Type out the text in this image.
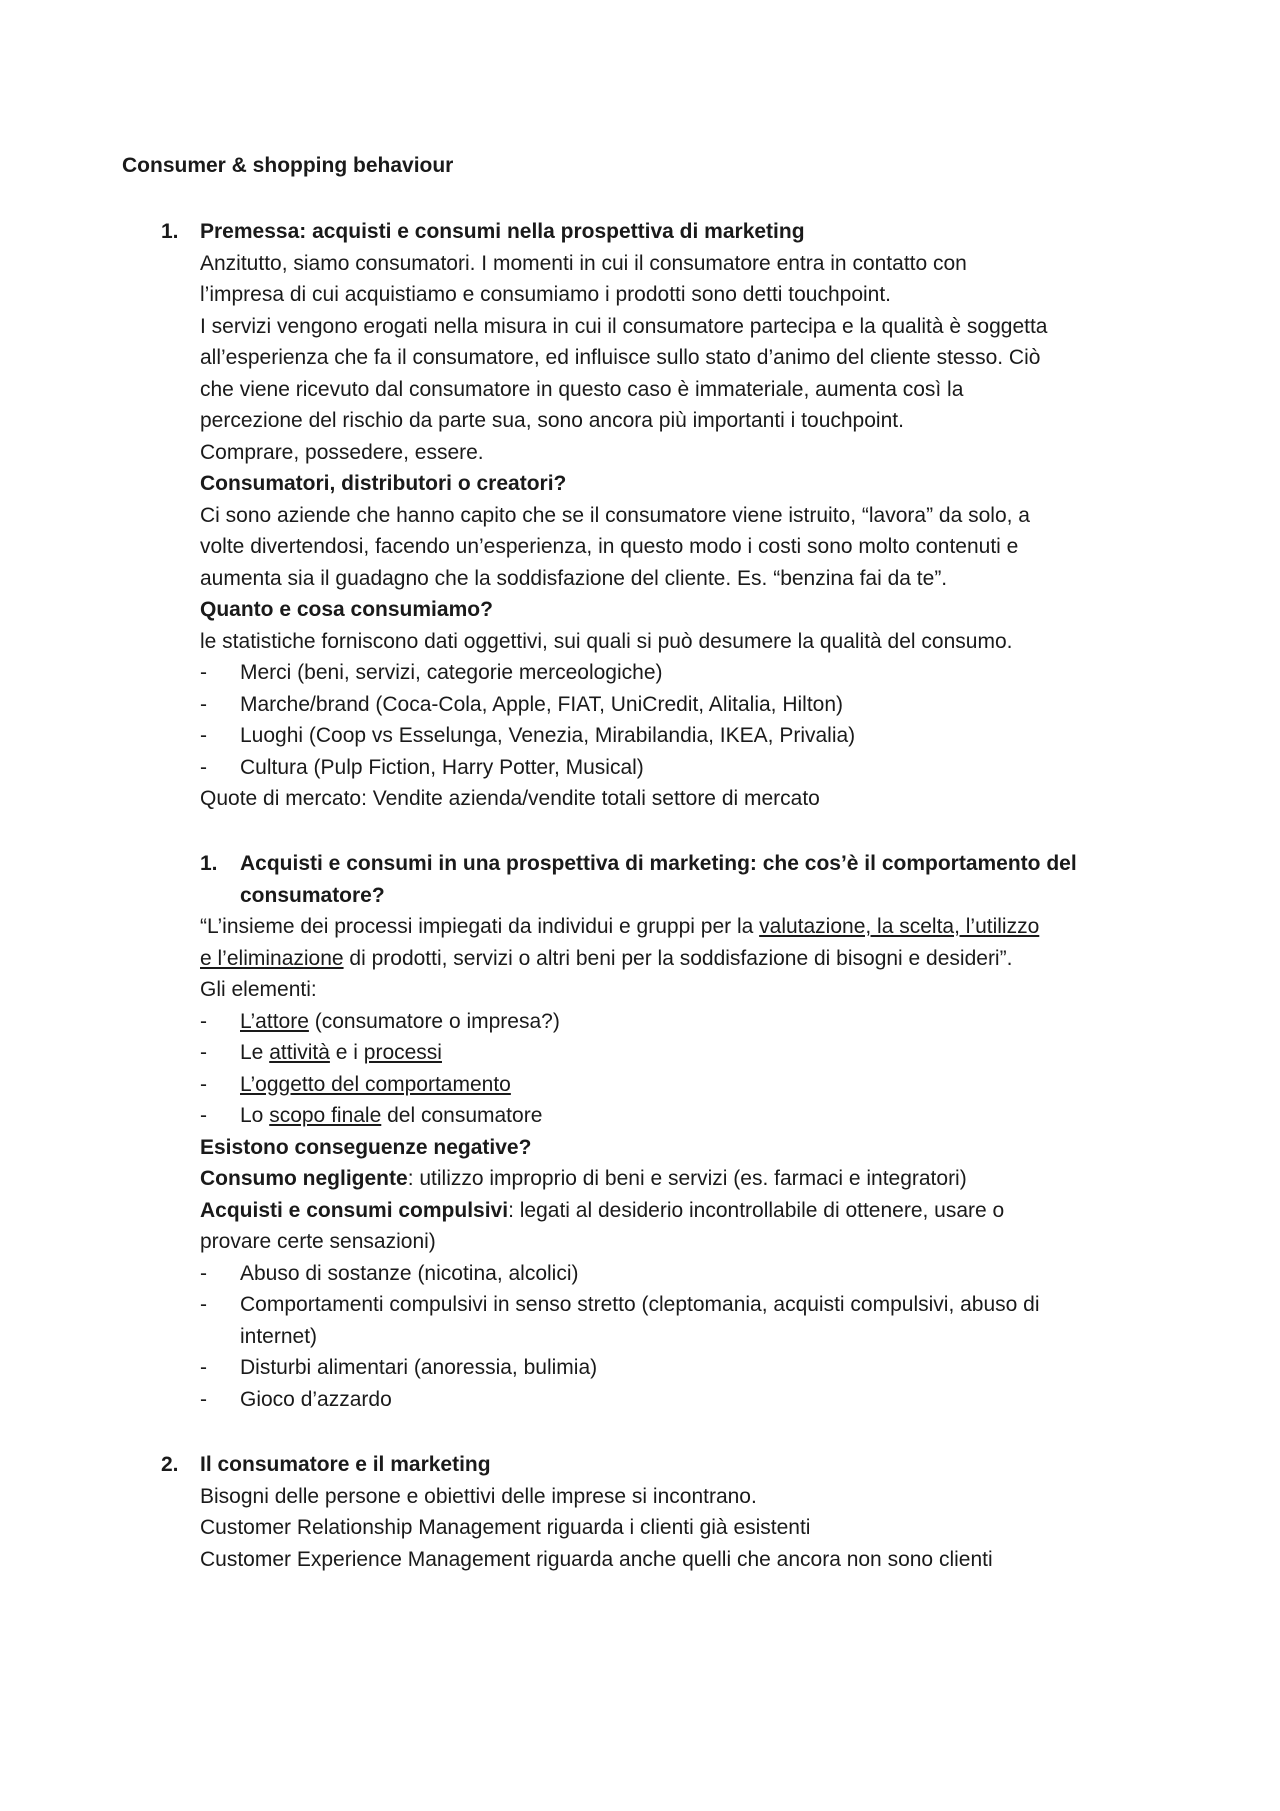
Consumer & shopping behaviour
1. Premessa: acquisti e consumi nella prospettiva di marketing
Anzitutto, siamo consumatori. I momenti in cui il consumatore entra in contatto con
l’impresa di cui acquistiamo e consumiamo i prodotti sono detti touchpoint.
I servizi vengono erogati nella misura in cui il consumatore partecipa e la qualità è soggetta
all’esperienza che fa il consumatore, ed influisce sullo stato d’animo del cliente stesso. Ciò
che viene ricevuto dal consumatore in questo caso è immateriale, aumenta così la
percezione del rischio da parte sua, sono ancora più importanti i touchpoint.
Comprare, possedere, essere.
Consumatori, distributori o creatori?
Ci sono aziende che hanno capito che se il consumatore viene istruito, “lavora” da solo, a
volte divertendosi, facendo un’esperienza, in questo modo i costi sono molto contenuti e
aumenta sia il guadagno che la soddisfazione del cliente. Es. “benzina fai da te”.
Quanto e cosa consumiamo?
le statistiche forniscono dati oggettivi, sui quali si può desumere la qualità del consumo.
- Merci (beni, servizi, categorie merceologiche)
- Marche/brand (Coca-Cola, Apple, FIAT, UniCredit, Alitalia, Hilton)
- Luoghi (Coop vs Esselunga, Venezia, Mirabilandia, IKEA, Privalia)
- Cultura (Pulp Fiction, Harry Potter, Musical)
Quote di mercato: Vendite azienda/vendite totali settore di mercato
1.	Acquisti e consumi in una prospettiva di marketing: che cos’è il comportamento del
consumatore?
“L’insieme dei processi impiegati da individui e gruppi per la valutazione, la scelta, l’utilizzo
e l’eliminazione di prodotti, servizi o altri beni per la soddisfazione di bisogni e desideri”.
Gli elementi:
- L’attore (consumatore o impresa?)
- Le attività e i processi
- L’oggetto del comportamento
- Lo scopo finale del consumatore
Esistono conseguenze negative?
Consumo negligente: utilizzo improprio di beni e servizi (es. farmaci e integratori)
Acquisti e consumi compulsivi: legati al desiderio incontrollabile di ottenere, usare o
provare certe sensazioni)
- Abuso di sostanze (nicotina, alcolici)
- Comportamenti compulsivi in senso stretto (cleptomania, acquisti compulsivi, abuso di
internet)
- Disturbi alimentari (anoressia, bulimia)
- Gioco d’azzardo
2. Il consumatore e il marketing
Bisogni delle persone e obiettivi delle imprese si incontrano.
Customer Relationship Management riguarda i clienti già esistenti
Customer Experience Management riguarda anche quelli che ancora non sono clienti
